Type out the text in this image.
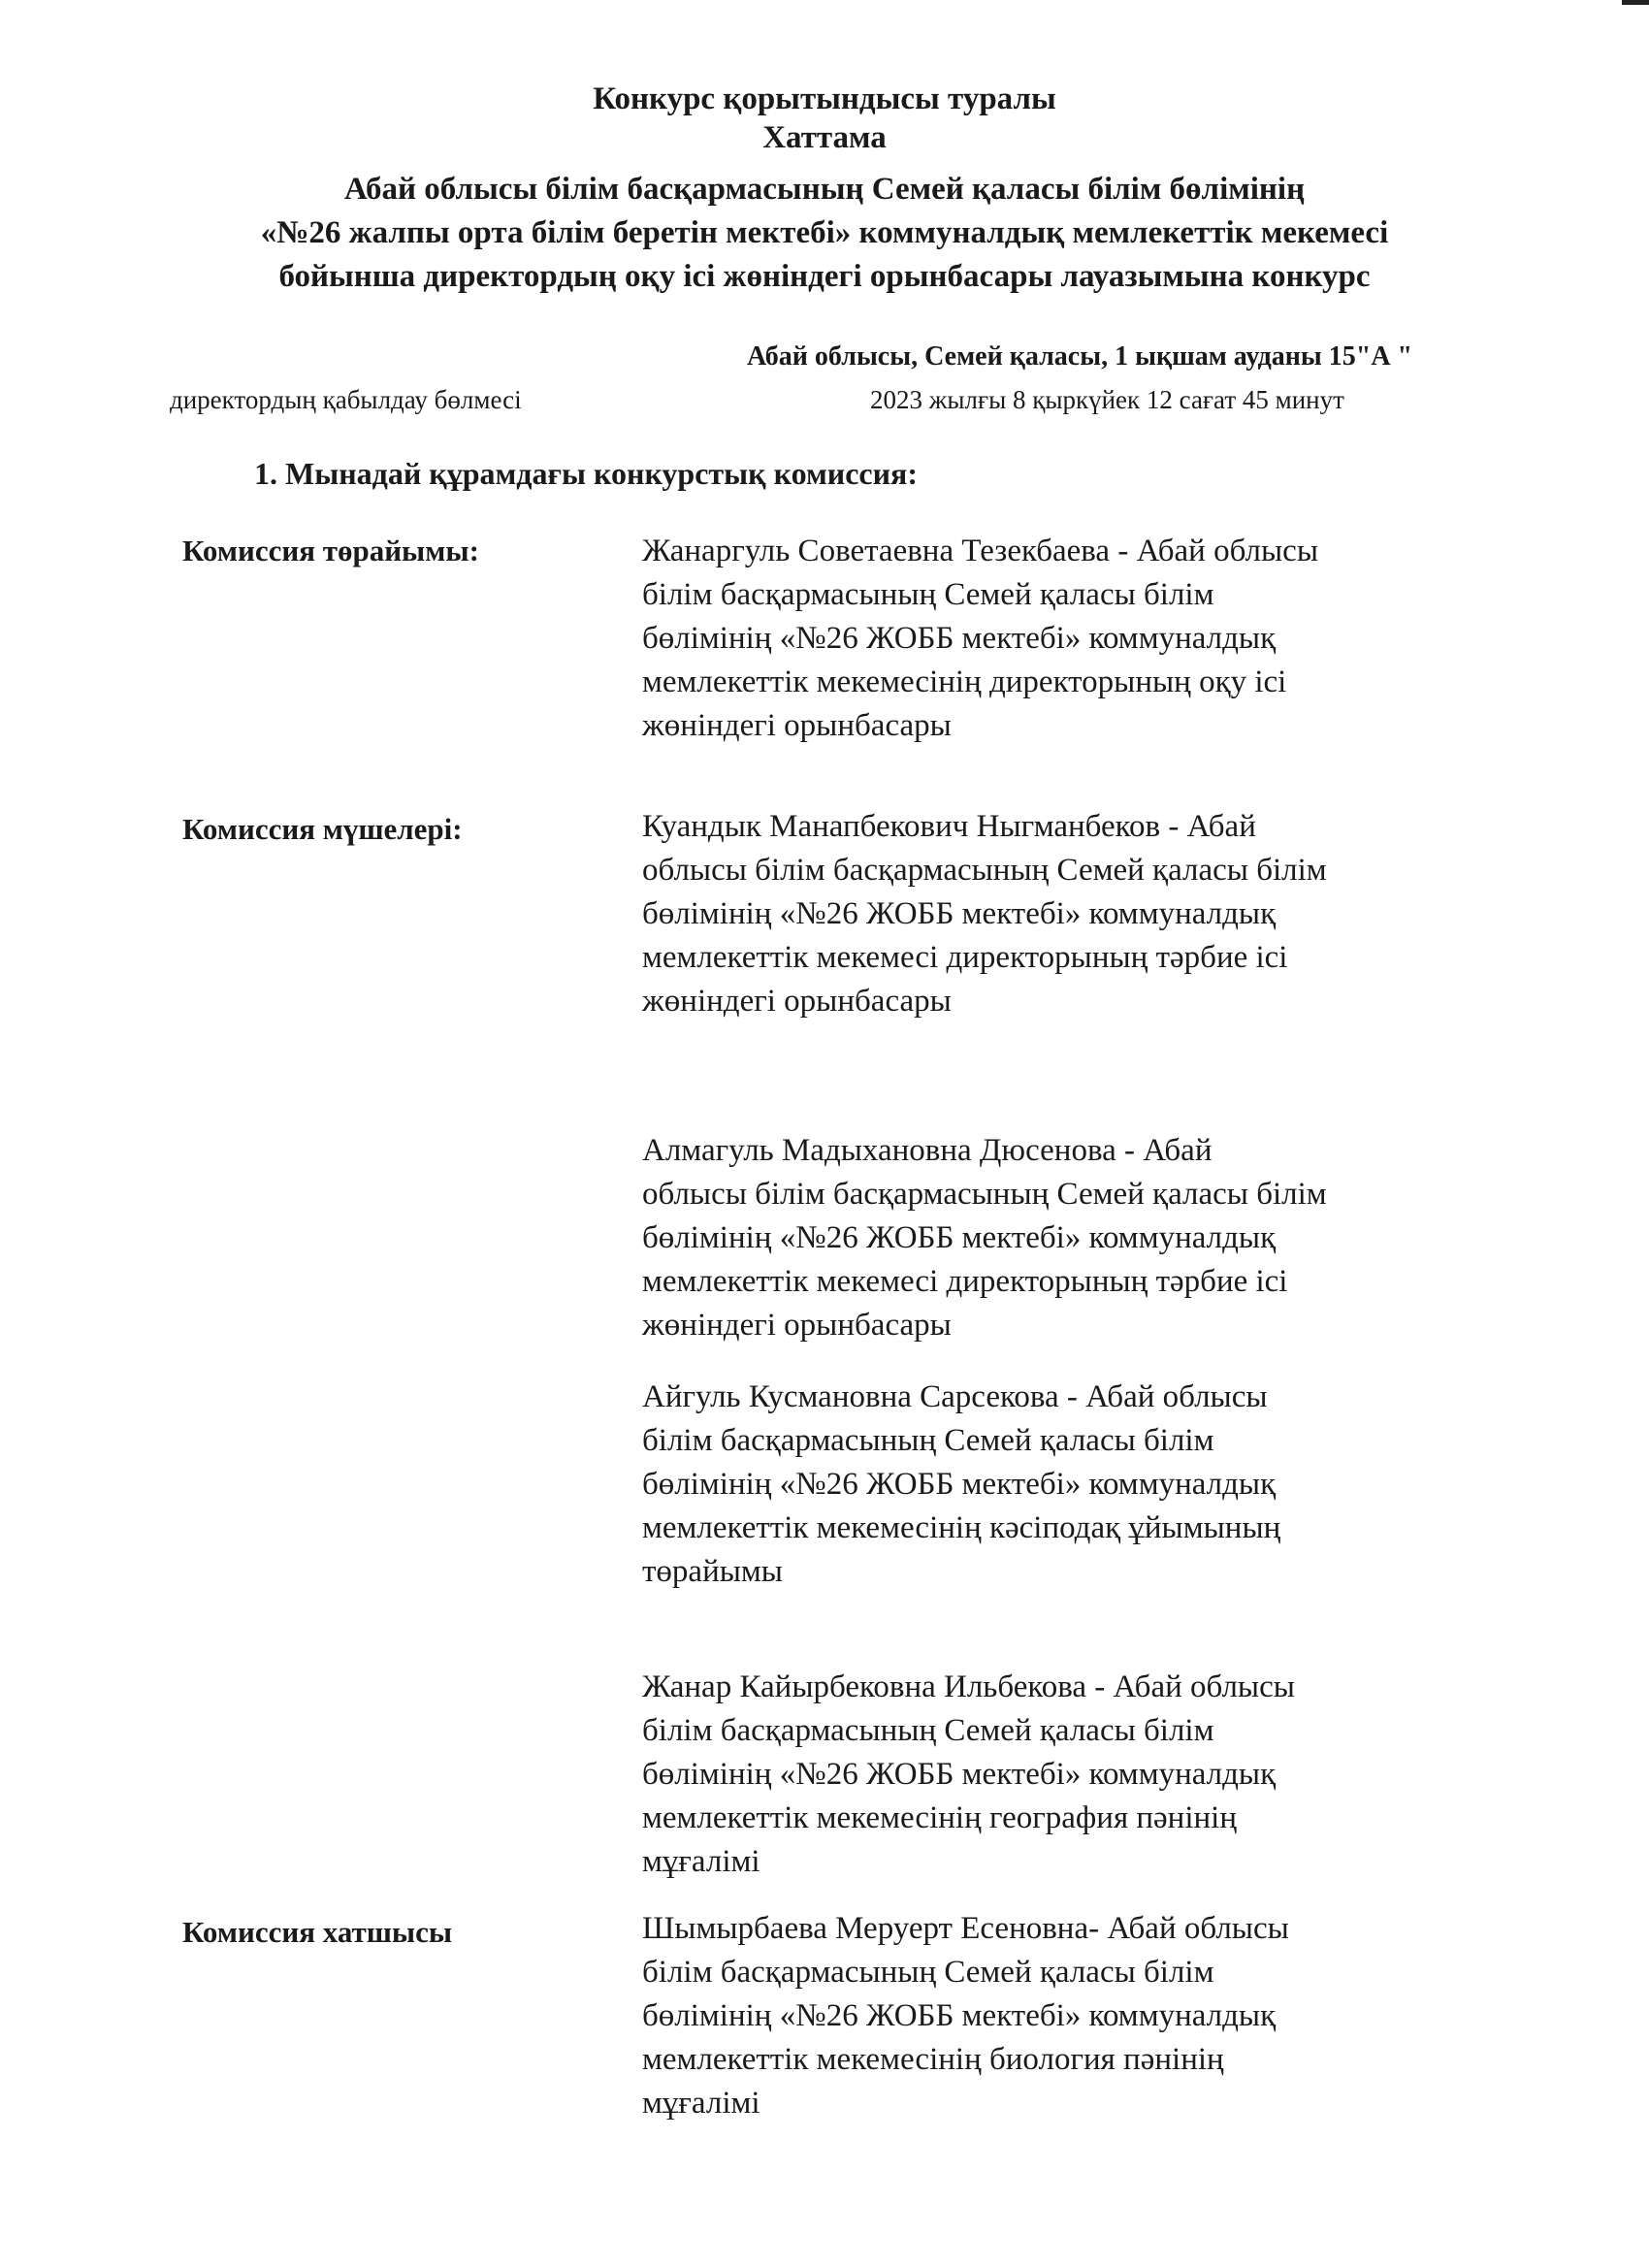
Конкурс қорытындысы туралы
Хаттама
Абай облысы білім басқармасының Семей қаласы білім бөлімінің
«№26 жалпы орта білім беретін мектебі» коммуналдық мемлекеттік мекемесі
бойынша директордың оқу ісі жөніндегі орынбасары лауазымына конкурс
Абай облысы, Семей қаласы, 1 ықшам ауданы 15"А "
директордың қабылдау бөлмесі	2023 жылғы 8 қыркүйек 12 сағат 45 минут
1. Мынадай құрамдағы конкурстық комиссия:
Комиссия төрайымы:	Жанаргуль Советаевна Тезекбаева - Абай облысы
білім басқармасының Семей қаласы білім
бөлімінің «№26 ЖОББ мектебі» коммуналдық
мемлекеттік мекемесінің директорының оқу ісі
жөніндегі орынбасары
Комиссия мүшелері:	Куандык Манапбекович Ныгманбеков - Абай
облысы білім басқармасының Семей қаласы білім
бөлімінің «№26 ЖОББ мектебі» коммуналдық
мемлекеттік мекемесі директорының тәрбие ісі
жөніндегі орынбасары
Алмагуль Мадыхановна Дюсенова - Абай
облысы білім басқармасының Семей қаласы білім
бөлімінің «№26 ЖОББ мектебі» коммуналдық
мемлекеттік мекемесі директорының тәрбие ісі
жөніндегі орынбасары
Айгуль Кусмановна Сарсекова - Абай облысы
білім басқармасының Семей қаласы білім
бөлімінің «№26 ЖОББ мектебі» коммуналдық
мемлекеттік мекемесінің кәсіподақ ұйымының
төрайымы
Жанар Кайырбековна Ильбекова - Абай облысы
білім басқармасының Семей қаласы білім
бөлімінің «№26 ЖОББ мектебі» коммуналдық
мемлекеттік мекемесінің география пәнінің
мұғалімі
Комиссия хатшысы	Шымырбаева Меруерт Есеновна- Абай облысы
білім басқармасының Семей қаласы білім
бөлімінің «№26 ЖОББ мектебі» коммуналдық
мемлекеттік мекемесінің биология пәнінің
мұғалімі
